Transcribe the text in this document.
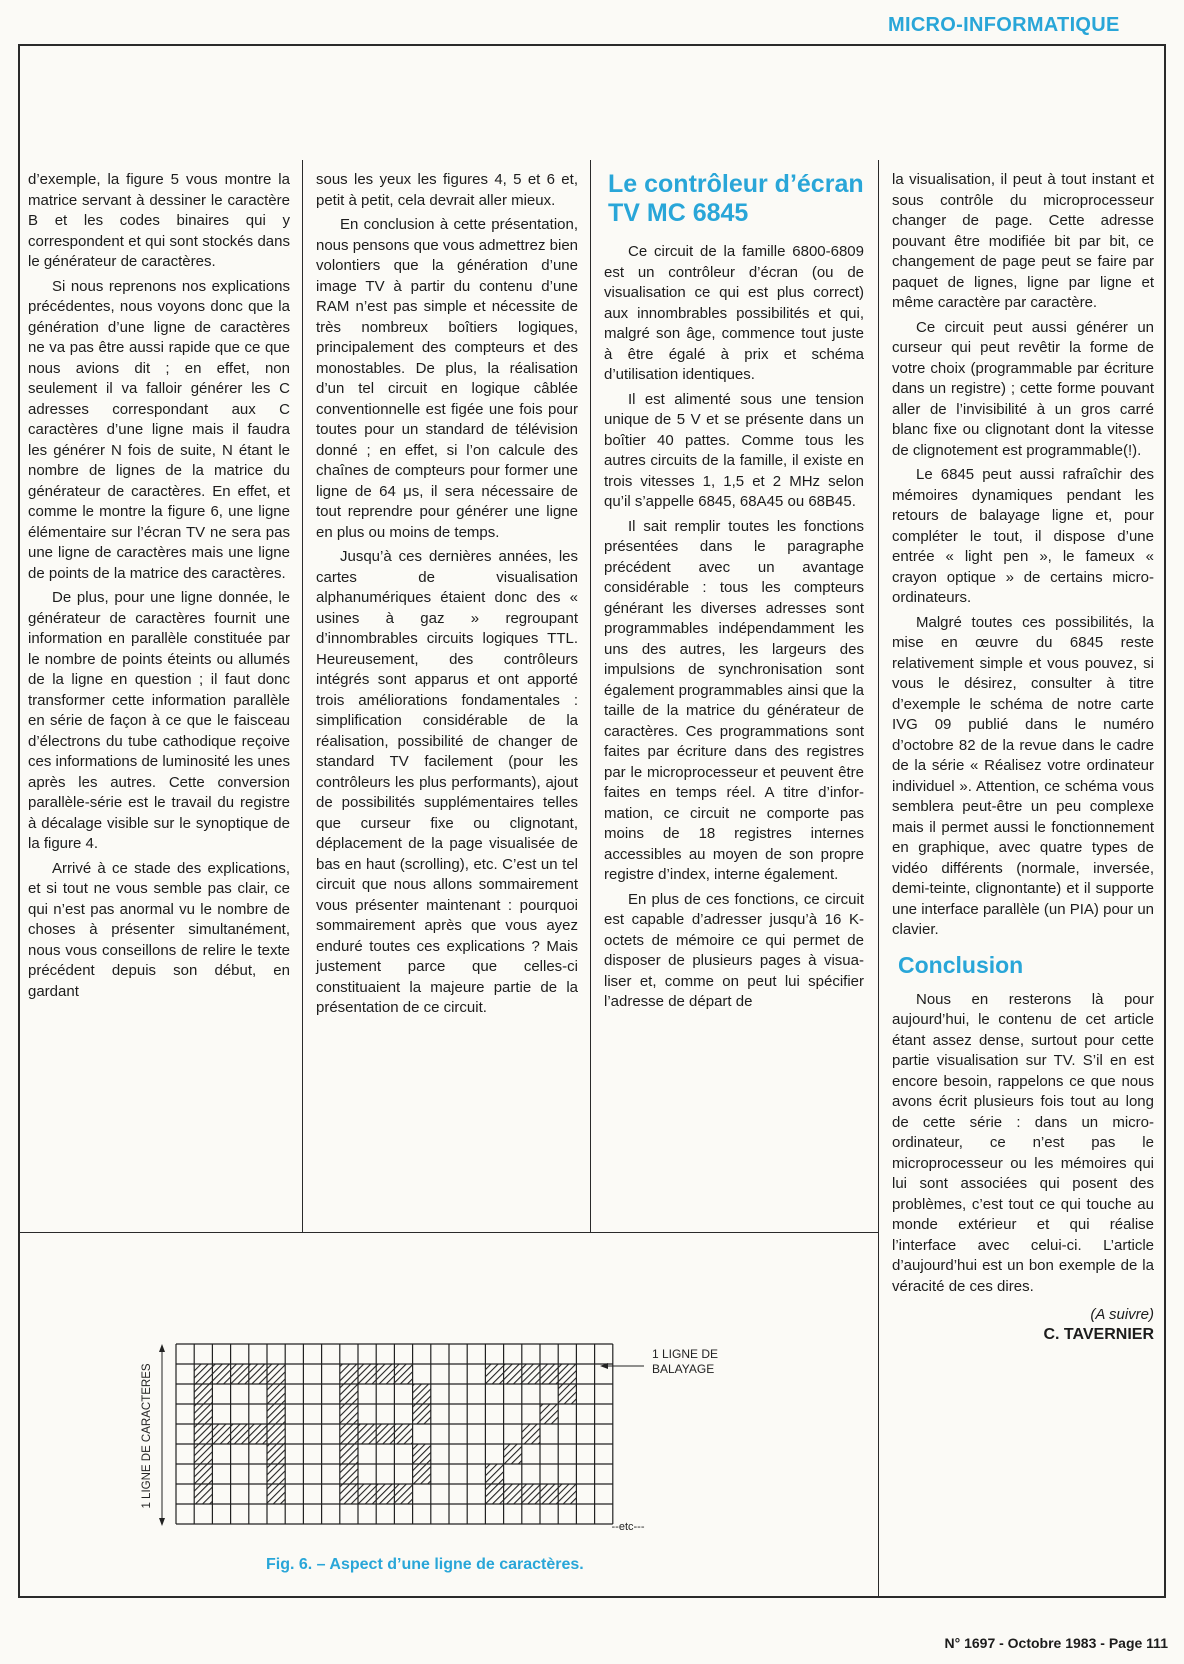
MICRO-INFORMATIQUE

d’exemple, la figure 5 vous montre la matrice servant à dessiner le caractère B et les codes binaires qui y correspondent et qui sont stockés dans le générateur de caractères.

Si nous reprenons nos explications précédentes, nous voyons donc que la génération d’une ligne de caractères ne va pas être aussi rapide que ce que nous avions dit ; en effet, non seulement il va falloir générer les C adresses correspondant aux C caractères d’une ligne mais il faudra les générer N fois de suite, N étant le nombre de lignes de la matrice du générateur de caractères. En effet, et comme le montre la figure 6, une ligne élémentaire sur l’écran TV ne sera pas une ligne de caractères mais une ligne de points de la matrice des caractères.

De plus, pour une ligne donnée, le générateur de caractères fournit une information en parallèle constituée par le nombre de points éteints ou allumés de la ligne en question ; il faut donc transformer cette information parallèle en série de façon à ce que le faisceau d’électrons du tube cathodique reçoive ces informations de luminosité les unes après les autres. Cette conversion parallèle-série est le travail du registre à décalage visible sur le synoptique de la figure 4.

Arrivé à ce stade des explications, et si tout ne vous semble pas clair, ce qui n’est pas anormal vu le nombre de choses à présenter simultanément, nous vous conseillons de relire le texte précédent depuis son début, en gardant

sous les yeux les figures 4, 5 et 6 et, petit à petit, cela devrait aller mieux.

En conclusion à cette présentation, nous pensons que vous admettrez bien volontiers que la génération d’une image TV à partir du contenu d’une RAM n’est pas simple et nécessite de très nombreux boîtiers logiques, principalement des compteurs et des monostables. De plus, la réalisation d’un tel circuit en logique câblée conventionnelle est figée une fois pour toutes pour un standard de télévision donné ; en effet, si l’on calcule des chaînes de compteurs pour former une ligne de 64 μs, il sera nécessaire de tout reprendre pour générer une ligne en plus ou moins de temps.

Jusqu’à ces dernières années, les cartes de visualisation alphanumériques étaient donc des « usines à gaz » regroupant d’innombrables circuits logiques TTL. Heureusement, des contrôleurs intégrés sont apparus et ont apporté trois améliorations fondamentales : simplification considérable de la réalisation, possibilité de changer de standard TV facilement (pour les contrôleurs les plus performants), ajout de possibilités supplémentaires telles que curseur fixe ou clignotant, déplacement de la page visualisée de bas en haut (scrolling), etc. C’est un tel circuit que nous allons sommairement vous présenter maintenant : pourquoi sommairement après que vous ayez enduré toutes ces explications ? Mais justement parce que celles-ci constituaient la majeure partie de la présentation de ce circuit.

Le contrôleur d’écran TV MC 6845

Ce circuit de la famille 6800-6809 est un contrôleur d’écran (ou de visualisation ce qui est plus correct) aux innombrables possibilités et qui, malgré son âge, commence tout juste à être égalé à prix et schéma d’utilisation identiques.

Il est alimenté sous une tension unique de 5 V et se présente dans un boîtier 40 pattes. Comme tous les autres circuits de la famille, il existe en trois vitesses 1, 1,5 et 2 MHz selon qu’il s’appelle 6845, 68A45 ou 68B45.

Il sait remplir toutes les fonctions présentées dans le paragraphe précédent avec un avantage considérable : tous les compteurs générant les diverses adresses sont programmables indépendamment les uns des autres, les largeurs des impulsions de synchronisation sont également programmables ainsi que la taille de la matrice du générateur de caractères. Ces programmations sont faites par écriture dans des registres par le microprocesseur et peuvent être faites en temps réel. A titre d’information, ce circuit ne comporte pas moins de 18 registres internes accessibles au moyen de son propre registre d’index, interne également.

En plus de ces fonctions, ce circuit est capable d’adresser jusqu’à 16 K-octets de mémoire ce qui permet de disposer de plusieurs pages à visualiser et, comme on peut lui spécifier l’adresse de départ de

la visualisation, il peut à tout instant et sous contrôle du microprocesseur changer de page. Cette adresse pouvant être modifiée bit par bit, ce changement de page peut se faire par paquet de lignes, ligne par ligne et même caractère par caractère.

Ce circuit peut aussi générer un curseur qui peut revêtir la forme de votre choix (programmable par écriture dans un registre) ; cette forme pouvant aller de l’invisibilité à un gros carré blanc fixe ou clignotant dont la vitesse de clignotement est programmable(!).

Le 6845 peut aussi rafraîchir des mémoires dynamiques pendant les retours de balayage ligne et, pour compléter le tout, il dispose d’une entrée « light pen », le fameux « crayon optique » de certains micro-ordinateurs.

Malgré toutes ces possibilités, la mise en œuvre du 6845 reste relativement simple et vous pouvez, si vous le désirez, consulter à titre d’exemple le schéma de notre carte IVG 09 publié dans le numéro d’octobre 82 de la revue dans le cadre de la série « Réalisez votre ordinateur individuel ». Attention, ce schéma vous semblera peut-être un peu complexe mais il permet aussi le fonctionnement en graphique, avec quatre types de vidéo différents (normale, inversée, demi-teinte, clignontante) et il supporte une interface parallèle (un PIA) pour un clavier.

Conclusion

Nous en resterons là pour aujourd’hui, le contenu de cet article étant assez dense, surtout pour cette partie visualisation sur TV. S’il en est encore besoin, rappelons ce que nous avons écrit plusieurs fois tout au long de cette série : dans un micro-ordinateur, ce n’est pas le microprocesseur ou les mémoires qui lui sont associées qui posent des problèmes, c’est tout ce qui touche au monde extérieur et qui réalise l’interface avec celui-ci. L’article d’aujourd’hui est un bon exemple de la véracité de ces dires.

(A suivre)
C. TAVERNIER
1 LIGNE DE CARACTERES
1 LIGNE DE
BALAYAGE
--etc---
Fig. 6. – Aspect d’une ligne de caractères.
N° 1697 - Octobre 1983 - Page 111
